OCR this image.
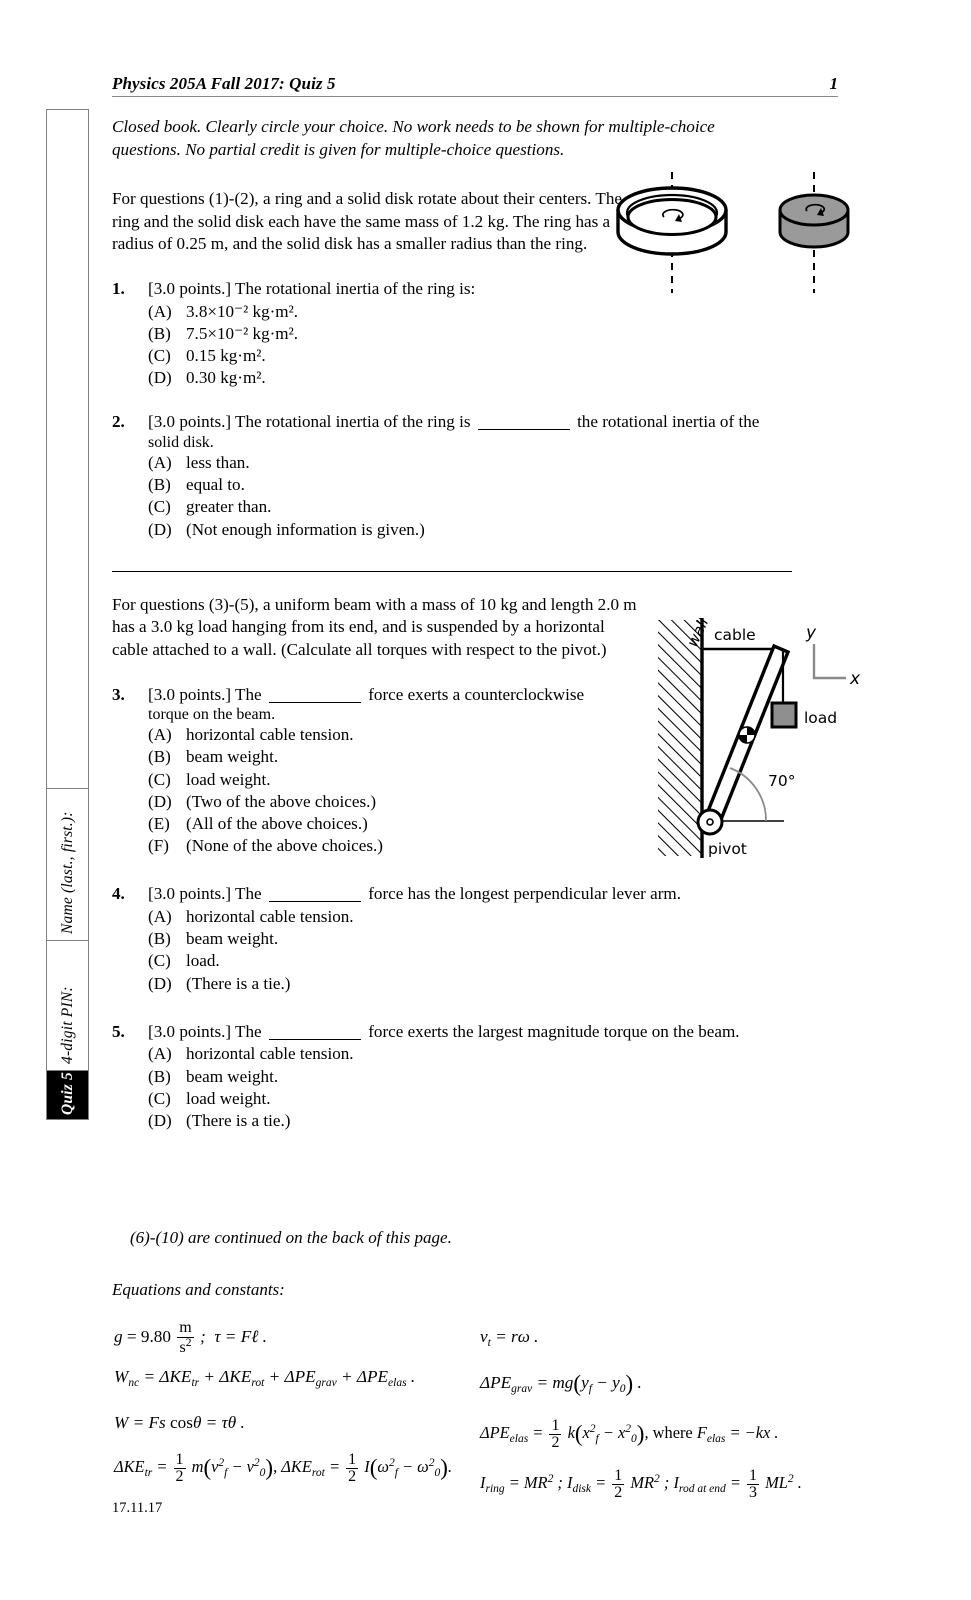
Name (last., first.):
4-digit PIN:
Quiz 5
Physics 205A Fall 2017: Quiz 5	1
wall cable
load
y
x
70°
pivot

Closed book. Clearly circle your choice. No work needs to be shown for multiple-choice questions. No partial credit is given for multiple-choice questions.

For questions (1)-(2), a ring and a solid disk rotate about their centers. The ring and the solid disk each have the same mass of 1.2 kg. The ring has a radius of 0.25 m, and the solid disk has a smaller radius than the ring.

1.	[3.0 points.] The rotational inertia of the ring is:
(A) 3.8×10⁻² kg·m².
(B) 7.5×10⁻² kg·m².
(C) 0.15 kg·m².
(D) 0.30 kg·m².
2.	[3.0 points.] The rotational inertia of the ring is	the rotational inertia of the
solid disk.
(A) less than.
(B) equal to.
(C) greater than.
(D) (Not enough information is given.)

For questions (3)-(5), a uniform beam with a mass of 10 kg and length 2.0 m has a 3.0 kg load hanging from its end, and is suspended by a horizontal cable attached to a wall. (Calculate all torques with respect to the pivot.)

3.	[3.0 points.] The	force exerts a counterclockwise
torque on the beam.
(A) horizontal cable tension.
(B) beam weight.
(C) load weight.
(D) (Two of the above choices.)
(E) (All of the above choices.)
(F) (None of the above choices.)
4.	[3.0 points.] The	force has the longest perpendicular lever arm.
(A) horizontal cable tension.
(B) beam weight.
(C) load.
(D) (There is a tie.)
5.	[3.0 points.] The	force exerts the largest magnitude torque on the beam.
(A) horizontal cable tension.
(B) beam weight.
(C) load weight.
(D) (There is a tie.)

(6)-(10) are continued on the back of this page.

Equations and constants:

$g = 9.80 \frac{m}{s^2}$ ;  τ = Fℓ .
$W_{nc} = \Delta KE_{tr} + \Delta KE_{rot} + \Delta PE_{grav} + \Delta PE_{elas}$ .
W = Fs cosθ = τθ .
$\Delta KE_{tr} = \frac{1}{2} m(v^2_f - v^2_0)$, $\Delta KE_{rot} = \frac{1}{2} I(\omega^2_f - \omega^2_0)$.
$v_t = r\omega$ .
$\Delta PE_{grav} = mg(y_f - y_0)$ .
$\Delta PE_{elas} = \frac{1}{2} k(x^2_f - x^2_0)$, where $F_{elas} = -kx$ .
$I_{ring} = MR^2$ ; $I_{disk} = \frac{1}{2} MR^2$ ; $I_{rod at end} = \frac{1}{3} ML^2$ .
17.11.17
